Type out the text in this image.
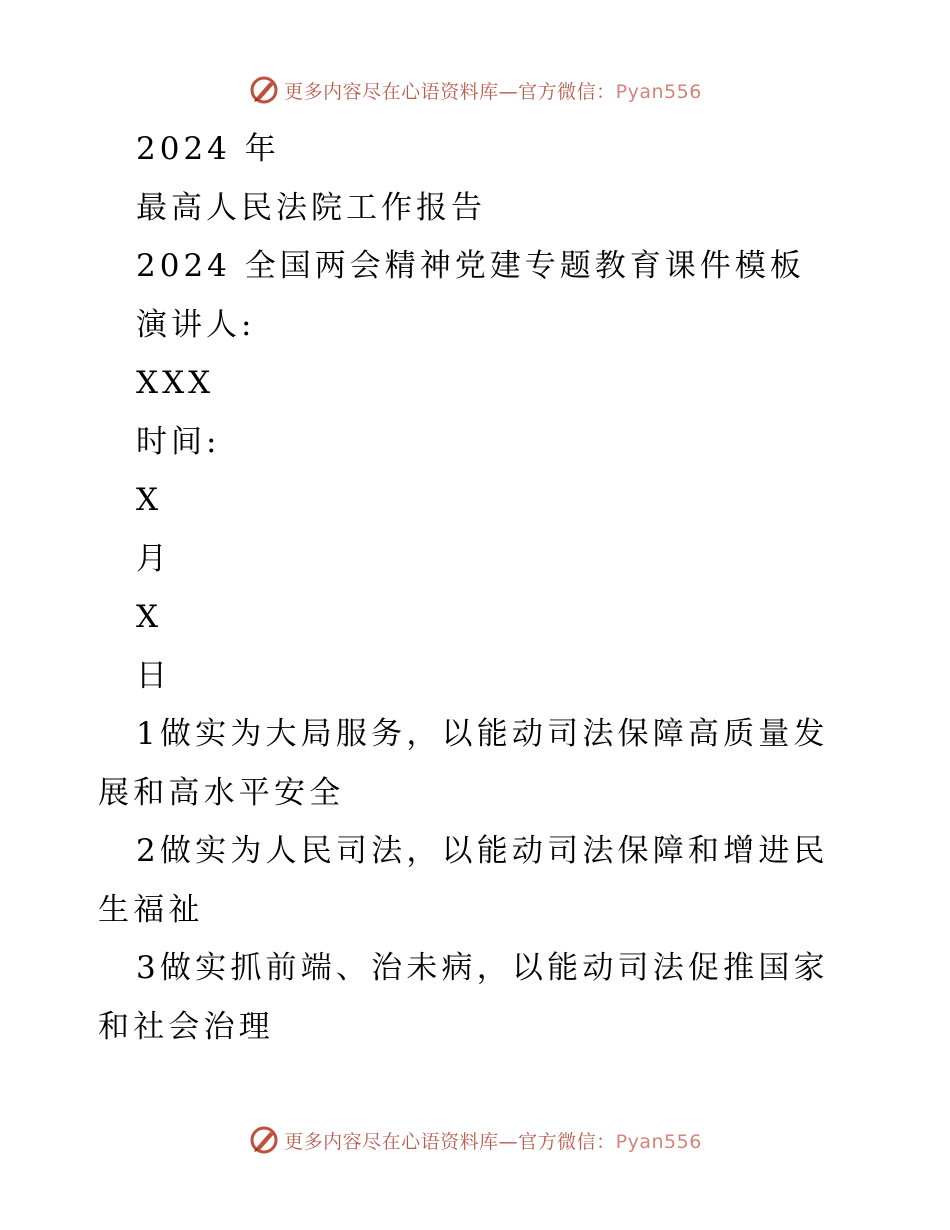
更多内容尽在心语资料库—官方微信：Pyan556
2024 年
最高人民法院工作报告
2024 全国两会精神党建专题教育课件模板
演讲人:
XXX
时间:
X
月
X
日
1做实为大局服务，以能动司法保障高质量发展和高水平安全
2做实为人民司法，以能动司法保障和增进民生福祉
3做实抓前端、治未病，以能动司法促推国家和社会治理
更多内容尽在心语资料库—官方微信：Pyan556
